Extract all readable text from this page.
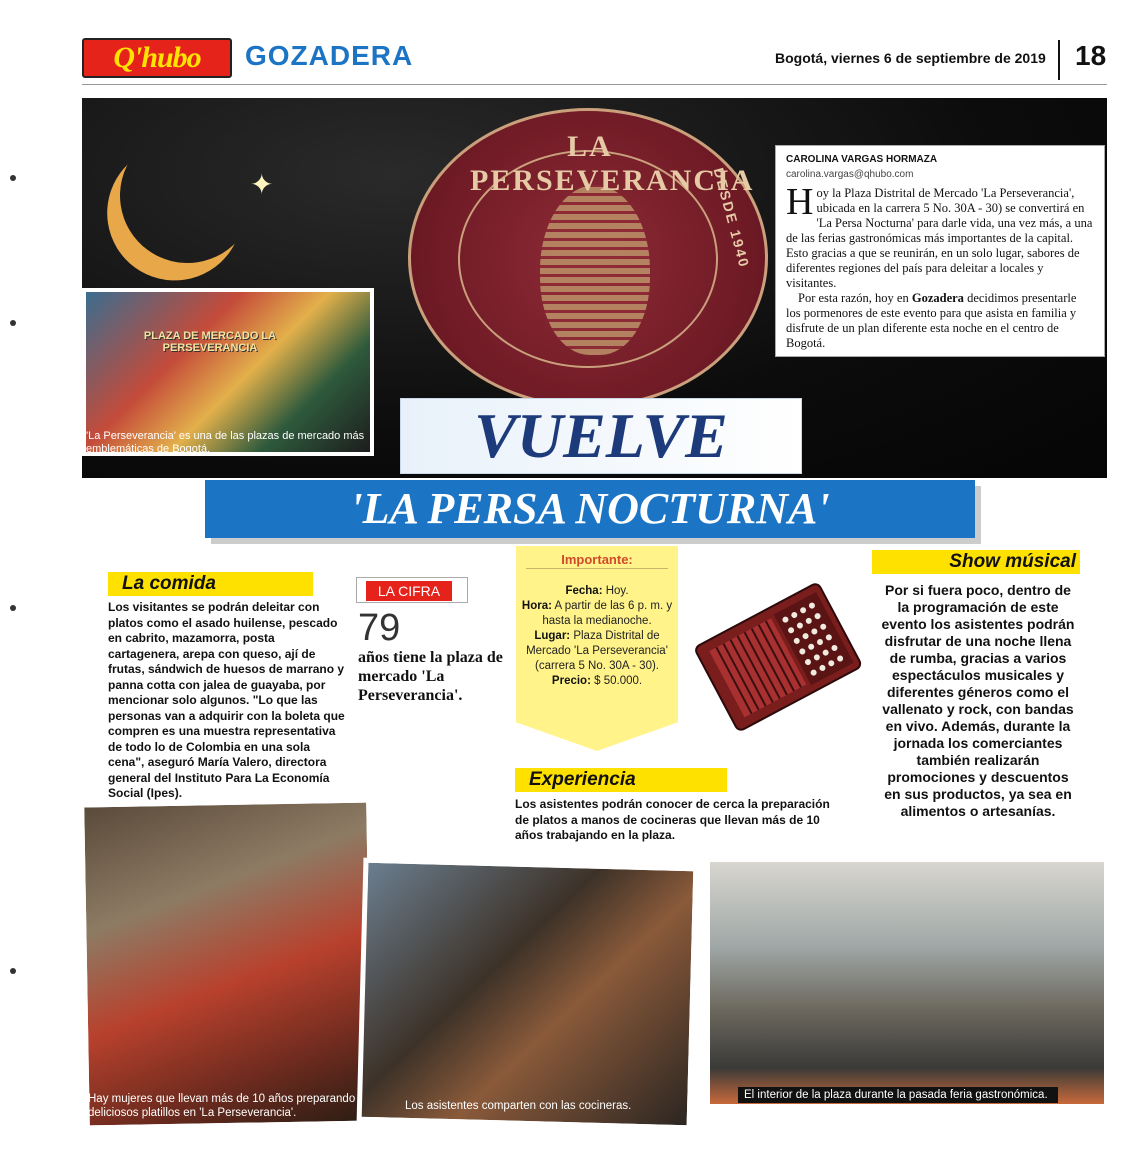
Q'hubo	GOZADERA	Bogotá, viernes 6 de septiembre de 2019 18
✦
LA PERSEVERANCIA
DESDE 1940
CAROLINA VARGAS HORMAZA
carolina.vargas@qhubo.com
Hoy la Plaza Distrital de Mercado 'La Perseverancia', ubicada en la carrera 5 No. 30A - 30) se convertirá en 'La Persa Nocturna' para darle vida, una vez más, a una de las ferias gastronómicas más importantes de la capital. Esto gracias a que se reunirán, en un solo lugar, sabores de diferentes regiones del país para deleitar a locales y visitantes.
Por esta razón, hoy en Gozadera decidimos presentarle los pormenores de este evento para que asista en familia y disfrute de un plan diferente esta noche en el centro de Bogotá.
PLAZA DE MERCADO LA PERSEVERANCIA
'La Perseverancia' es una de las plazas de mercado más emblemáticas de Bogotá.	VUELVE
'LA PERSA NOCTURNA'
La comida
Los visitantes se podrán deleitar con platos como el asado huilense, pescado en cabrito, mazamorra, posta cartagenera, arepa con queso, ají de frutas, sándwich de huesos de marrano y panna cotta con jalea de guayaba, por mencionar solo algunos. "Lo que las personas van a adquirir con la boleta que compren es una muestra representativa de todo lo de Colombia en una sola cena", aseguró María Valero, directora general del Instituto Para La Economía Social (Ipes).
LA CIFRA
79
años tiene la plaza de mercado 'La Perseverancia'.
Importante:
Fecha: Hoy.
Hora: A partir de las 6 p. m. y hasta la medianoche.
Lugar: Plaza Distrital de Mercado 'La Perseverancia' (carrera 5 No. 30A - 30).
Precio: $ 50.000.
Show músical
Por si fuera poco, dentro de la programación de este evento los asistentes podrán disfrutar de una noche llena de rumba, gracias a varios espectáculos musicales y diferentes géneros como el vallenato y rock, con bandas en vivo. Además, durante la jornada los comerciantes también realizarán promociones y descuentos en sus productos, ya sea en alimentos o artesanías.
Experiencia
Los asistentes podrán conocer de cerca la preparación de platos a manos de cocineras que llevan más de 10 años trabajando en la plaza.
Hay mujeres que llevan más de 10 años preparando deliciosos platillos en 'La Perseverancia'.
El interior de la plaza durante la pasada feria gastronómica.
Los asistentes comparten con las cocineras.
